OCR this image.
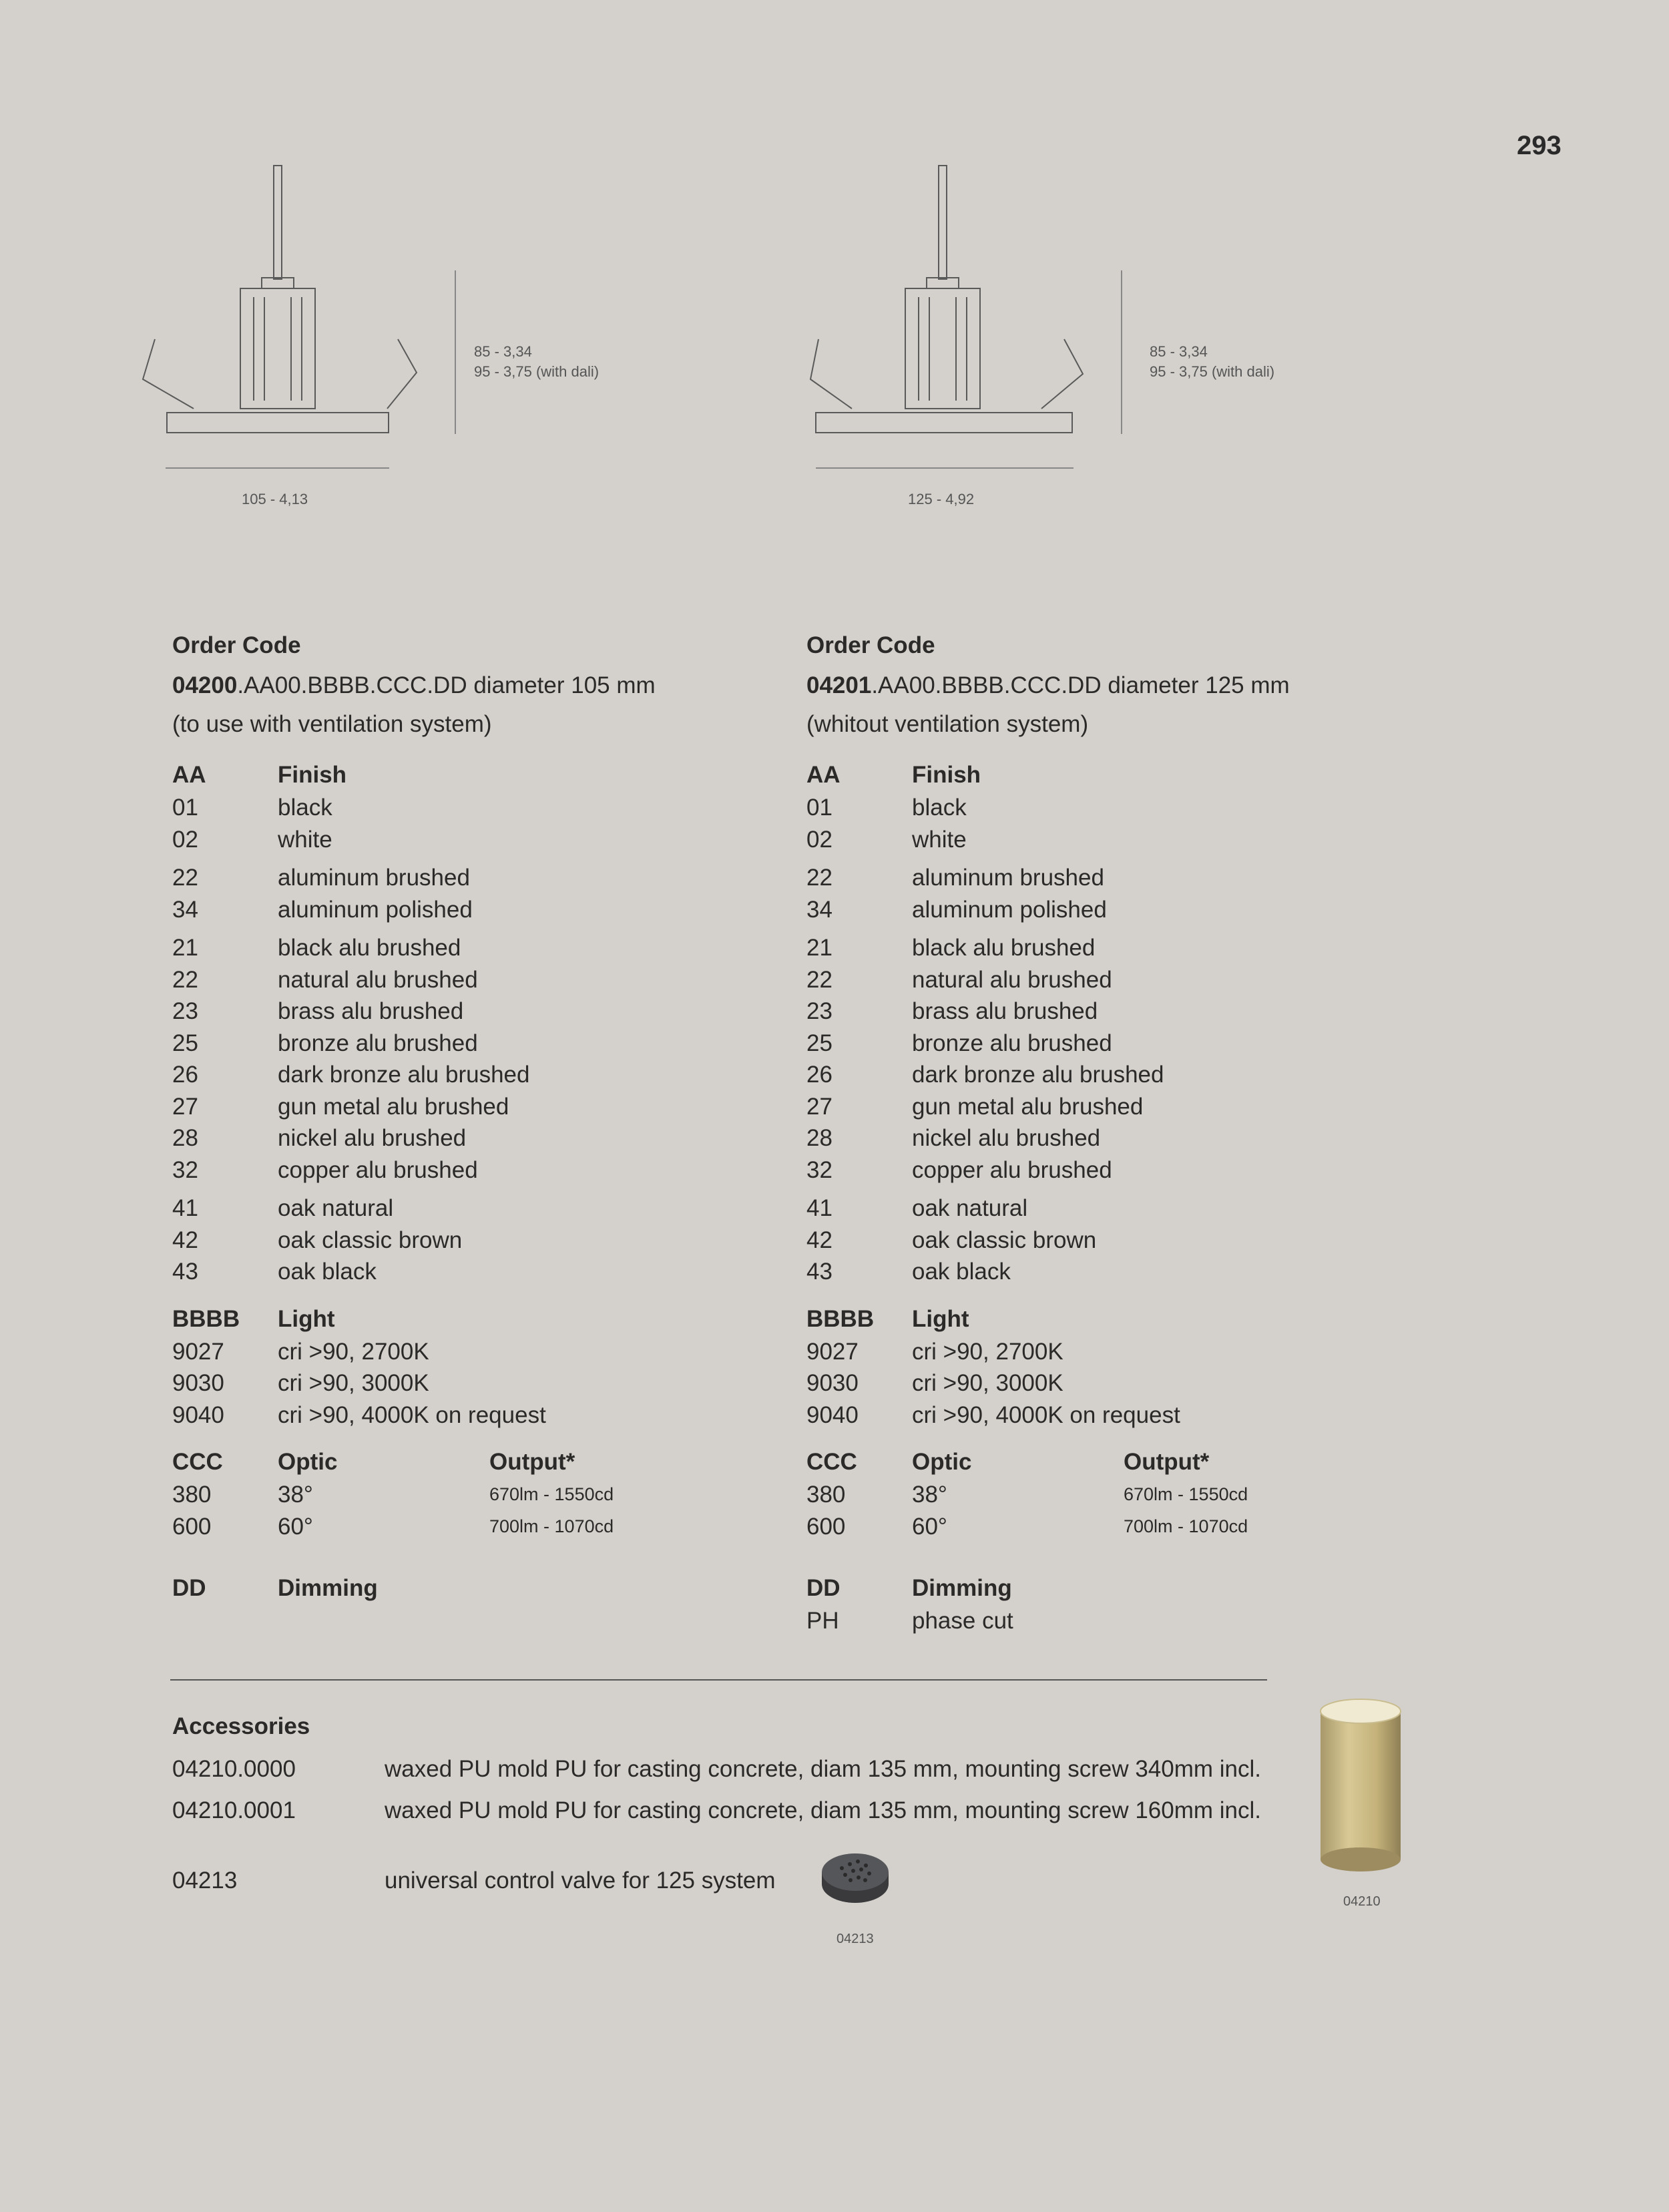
293
85 - 3,34
95 - 3,75 (with dali)
105 - 4,13
85 - 3,34
95 - 3,75 (with dali)
125 - 4,92
Order Code
04200.AA00.BBBB.CCC.DD diameter 105 mm
(to use with ventilation system)
AA	Finish
01	black
02	white
22	aluminum brushed
34	aluminum polished
21	black alu brushed
22	natural alu brushed
23	brass alu brushed
25	bronze alu brushed
26	dark bronze alu brushed
27	gun metal alu brushed
28	nickel alu brushed
32	copper alu brushed
41	oak natural
42	oak classic brown
43	oak black
BBBB	Light
9027	cri >90, 2700K
9030	cri >90, 3000K
9040	cri >90, 4000K on request
CCC	Optic	Output*
380	38°	670lm - 1550cd
600	60°	700lm - 1070cd
DD	Dimming
Order Code
04201.AA00.BBBB.CCC.DD diameter 125 mm
(whitout ventilation system)
AA	Finish
01	black
02	white
22	aluminum brushed
34	aluminum polished
21	black alu brushed
22	natural alu brushed
23	brass alu brushed
25	bronze alu brushed
26	dark bronze alu brushed
27	gun metal alu brushed
28	nickel alu brushed
32	copper alu brushed
41	oak natural
42	oak classic brown
43	oak black
BBBB	Light
9027	cri >90, 2700K
9030	cri >90, 3000K
9040	cri >90, 4000K on request
CCC	Optic	Output*
380	38°	670lm - 1550cd
600	60°	700lm - 1070cd
DD	Dimming
PH	phase cut
Accessories
04210.0000	waxed PU mold PU for casting concrete, diam 135 mm, mounting screw 340mm incl.
04210.0001	waxed PU mold PU for casting concrete, diam 135 mm, mounting screw 160mm incl.
04213	universal control valve for 125 system
04213
04210
